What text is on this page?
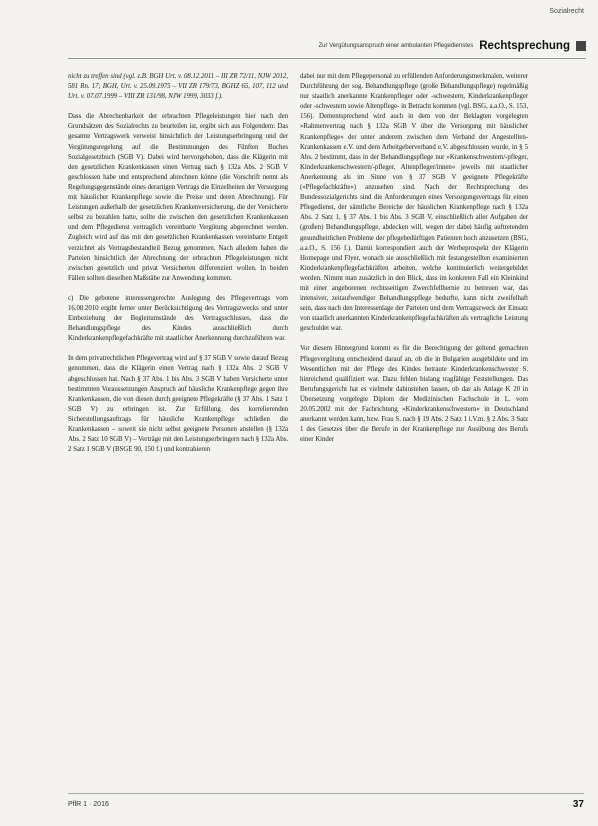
Sozialrecht
Zur Vergütungsanspruch einer ambulanten Pflegedienstes Rechtsprechung

nicht zu treffen sind (vgl. z.B. BGH Urt. v. 08.12.2011 – III ZR 72/11, NJW 2012, 581 Rn. 17; BGH, Urt. v. 25.09.1975 – VII ZR 179/73, BGHZ 65, 107, 112 und Urt. v. 07.07.1999 – VIII ZR 131/98, NJW 1999, 3033 f.).

Dass die Abrechenbarkeit der erbrachten Pflegeleistungen hier nach den Grundsätzen des Sozialrechts zu beurteilen ist, ergibt sich aus Folgendem: Das gesamte Vertragswerk verweist hinsichtlich der Leistungserbringung und der Vergütungsregelung auf die Bestimmungen des Fünften Buches Sozialgesetzbuch (SGB V). Dabei wird hervorgehoben, dass die Klägerin mit den gesetzlichen Krankenkassen einen Vertrag nach § 132a Abs. 2 SGB V geschlossen habe und entsprechend abrechnen könne (die Vorschrift nennt als Regelungsgegenstände eines derartigen Vertrags die Einzelheiten der Versorgung mit häuslicher Krankenpflege sowie die Preise und deren Abrechnung). Für Leistungen außerhalb der gesetzlichen Krankenversicherung, die der Versicherte selbst zu bezahlen hatte, sollte die zwischen den gesetzlichen Krankenkassen und dem Pflegedienst vertraglich vereinbarte Vergütung abgerechnet werden. Zugleich wird auf das mit den gesetzlichen Krankenkassen vereinbarte Entgelt verzichtet als Vertragsbestandteil Bezug genommen. Nach alledem haben die Parteien hinsichtlich der Abrechnung der erbrachten Pflegeleistungen nicht zwischen gesetzlich und privat Versicherten differenziert wollen. In beiden Fällen sollten dieselben Maßstäbe zur Anwendung kommen.

c) Die gebotene interessengerechte Auslegung des Pflegevertrags vom 16.08.2010 ergibt ferner unter Berücksichtigung des Vertragszwecks und unter Einbeziehung der Begleitumstände des Vertragsschlusses, dass die Behandlungspflege des Kindes ausschließlich durch Kinderkrankenpflegefachkräfte mit staatlicher Anerkennung durchzuführen war.

In dem privatrechtlichen Pflegevertrag wird auf § 37 SGB V sowie darauf Bezug genommen, dass die Klägerin einen Vertrag nach § 132a Abs. 2 SGB V abgeschlossen hat. Nach § 37 Abs. 1 bis Abs. 3 SGB V haben Versicherte unter bestimmten Voraussetzungen Anspruch auf häusliche Krankenpflege gegen ihre Krankenkassen, die von diesen durch geeignete Pflegekräfte (§ 37 Abs. 1 Satz 1 SGB V) zu erbringen ist. Zur Erfüllung des korrelierenden Sicherstellungsauftrags für häusliche Krankenpflege schließen die Krankenkassen – soweit sie nicht selbst geeignete Personen anstellen (§ 132a Abs. 2 Satz 10 SGB V) – Verträge mit den Leistungserbringern nach § 132a Abs. 2 Satz 1 SGB V (BSGE 90, 150 f.) und kontrahieren

dabei nur mit dem Pflegepersonal zu erfüllenden Anforderungsmerkmalen, weiterer Durchführung der sog. Behandlungspflege (große Behandlungspflege) regelmäßig nur staatlich anerkannte Krankenpfleger oder -schwestern, Kinderkrankenpfleger oder -schwestern sowie Altenpflege- in Betracht kommen (vgl. BSG, a.a.O., S. 153, 156). Dementsprechend wird auch in dem von der Beklagten vorgelegten »Rahmenvertrag nach § 132a SGB V über die Versorgung mit häuslicher Krankenpflege« der unter anderem zwischen dem Verband der Angestellten-Krankenkassen e.V. und dem Arbeitgeberverband e.V. abgeschlossen wurde, in § 5 Abs. 2 bestimmt, dass in der Behandlungspflege nur »Krankenschwestern/-pfleger, Kinderkrankenschwestern/-pfleger, Altenpfleger/innen« jeweils mit staatlicher Anerkennung als im Sinne von § 37 SGB V geeignete Pflegekräfte (»Pflegefachkräfte«) anzusehen sind. Nach der Rechtsprechung des Bundessozialgerichts sind die Anforderungen eines Versorgungsvertrags für einen Pflegedienst, der sämtliche Bereiche der häuslichen Krankenpflege nach § 132a Abs. 2 Satz 1, § 37 Abs. 1 bis Abs. 3 SGB V, einschließlich aller Aufgaben der (großen) Behandlungspflege, abdecken will, wegen der dabei häufig auftretenden gesundheitlichen Probleme der pflegebedürftigen Patienten hoch anzusetzen (BSG, a.a.O., S. 156 f.). Damit korrespondiert auch der Werbeprospekt der Klägerin Homepage und Flyer, wonach sie ausschließlich mit festangestellten examinierten Kinderkrankenpflegefachkräften arbeiten, welche kontinuierlich weitergebildet werden. Nimmt man zusätzlich in den Blick, dass im konkreten Fall ein Kleinkind mit einer angeborenen rechtsseitigen Zwerchfellhernie zu betreuen war, das intensiver, zeitaufwendiger Behandlungspflege bedurfte, kann nicht zweifelhaft sein, dass nach den Interessenlage der Parteien und dem Vertragszweck der Einsatz von staatlich anerkannten Kinderkrankenpflegefachkräften als vertragliche Leistung geschuldet war.

Vor diesem Hintergrund kommt es für die Berechtigung der geltend gemachten Pflegevergütung entscheidend darauf an, ob die in Bulgarien ausgebildete und im Wesentlichen mit der Pflege des Kindes betraute Kinderkrankenschwester S. hinreichend qualifiziert war. Dazu fehlen bislang tragfähige Feststellungen. Das Berufungsgericht hat es vielmehr dahinstehen lassen, ob das als Anlage K 20 in Übersetzung vorgelegte Diplom der Medizinischen Fachschule in L. vom 20.05.2002 mit der Fachrichtung »Kinderkrankenschwestern« in Deutschland anerkannt werden kann, bzw. Frau S. nach § 19 Abs. 2 Satz 1 i.V.m. § 2 Abs. 3 Satz 1 des Gesetzes über die Berufe in der Krankenpflege zur Ausübung des Berufs einer Kinder

PflR 1 · 2016	37
